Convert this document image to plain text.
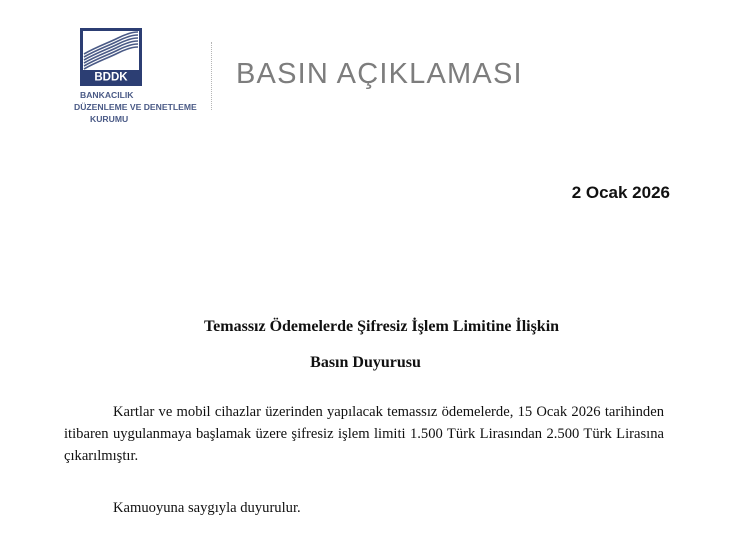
BDDK
BANKACILIK
DÜZENLEME VE DENETLEME
KURUMU
BASIN AÇIKLAMASI
2 Ocak 2026
Temassız Ödemelerde Şifresiz İşlem Limitine İlişkin
Basın Duyurusu
Kartlar ve mobil cihazlar üzerinden yapılacak temassız ödemelerde, 15 Ocak 2026 tarihinden itibaren uygulanmaya başlamak üzere şifresiz işlem limiti 1.500 Türk Lirasından 2.500 Türk Lirasına çıkarılmıştır.
Kamuoyuna saygıyla duyurulur.
